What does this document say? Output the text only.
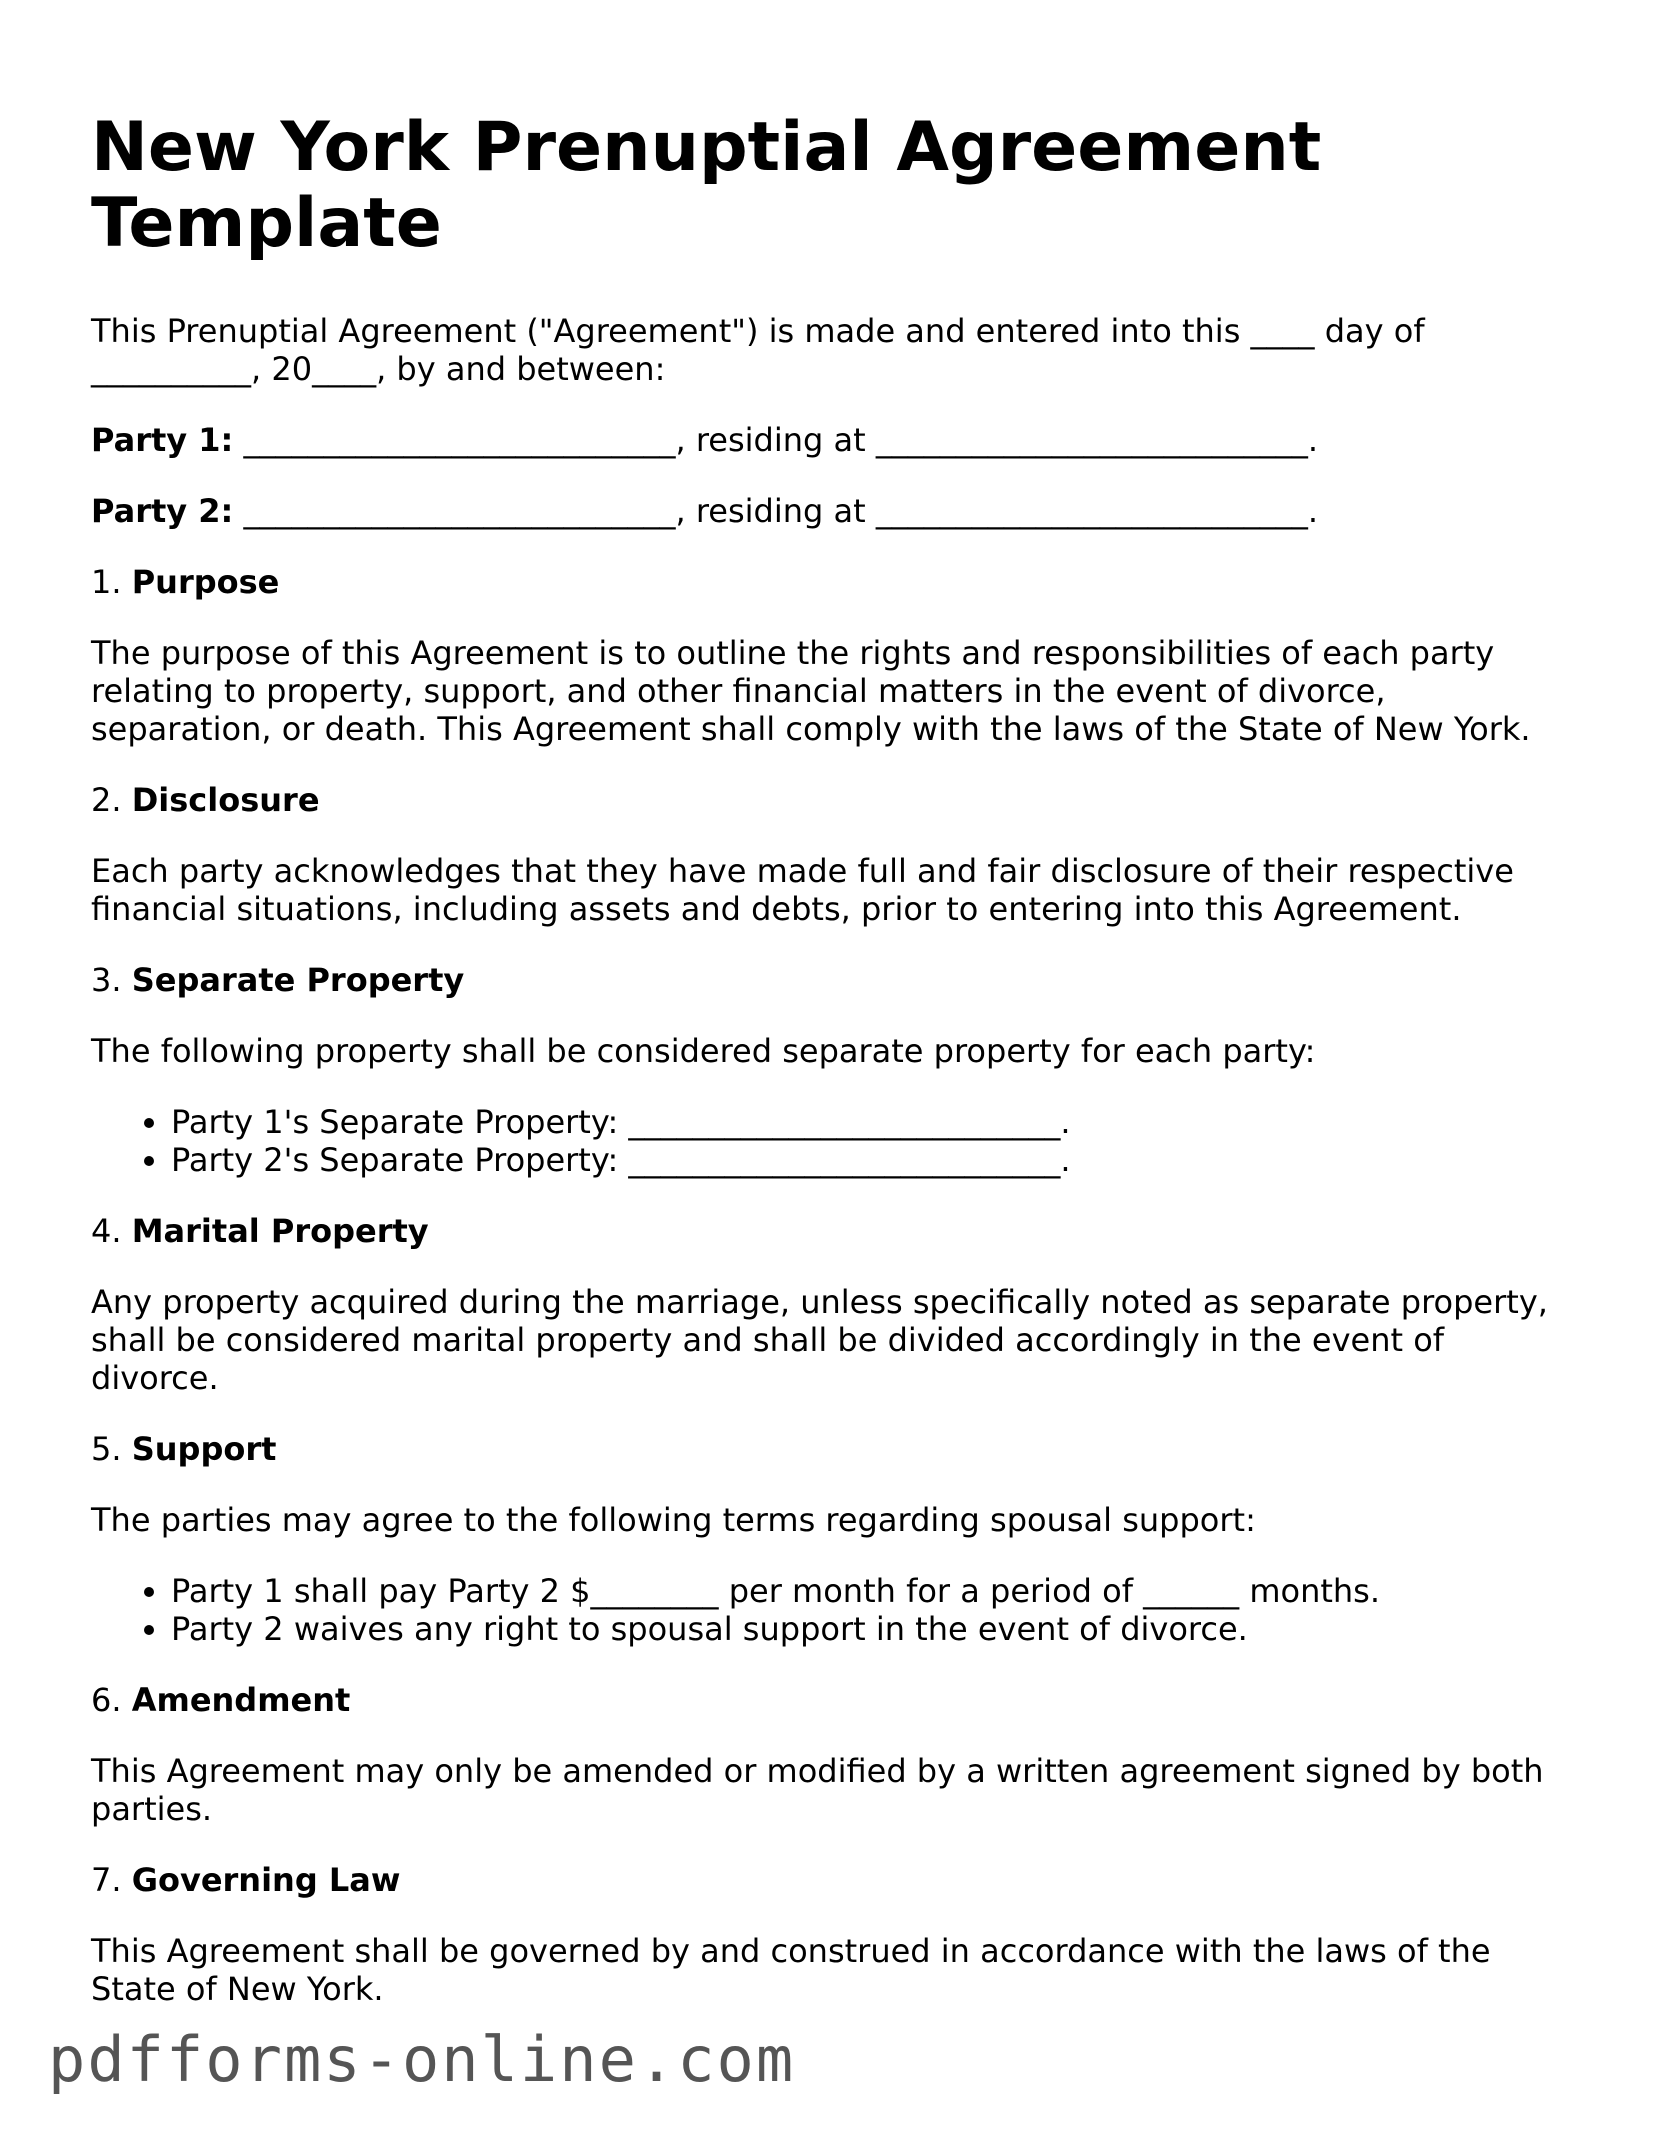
New York Prenuptial Agreement Template

This Prenuptial Agreement ("Agreement") is made and entered into this ____ day of __________, 20____, by and between:

Party 1: ___________________________, residing at ___________________________.

Party 2: ___________________________, residing at ___________________________.

1. Purpose

The purpose of this Agreement is to outline the rights and responsibilities of each party relating to property, support, and other financial matters in the event of divorce, separation, or death. This Agreement shall comply with the laws of the State of New York.

2. Disclosure

Each party acknowledges that they have made full and fair disclosure of their respective financial situations, including assets and debts, prior to entering into this Agreement.

3. Separate Property

The following property shall be considered separate property for each party:

• Party 1's Separate Property: ___________________________.
• Party 2's Separate Property: ___________________________.

4. Marital Property

Any property acquired during the marriage, unless specifically noted as separate property, shall be considered marital property and shall be divided accordingly in the event of divorce.

5. Support

The parties may agree to the following terms regarding spousal support:

• Party 1 shall pay Party 2 $________ per month for a period of ______ months.
• Party 2 waives any right to spousal support in the event of divorce.

6. Amendment

This Agreement may only be amended or modified by a written agreement signed by both parties.

7. Governing Law

This Agreement shall be governed by and construed in accordance with the laws of the State of New York.

pdfforms-online.com
